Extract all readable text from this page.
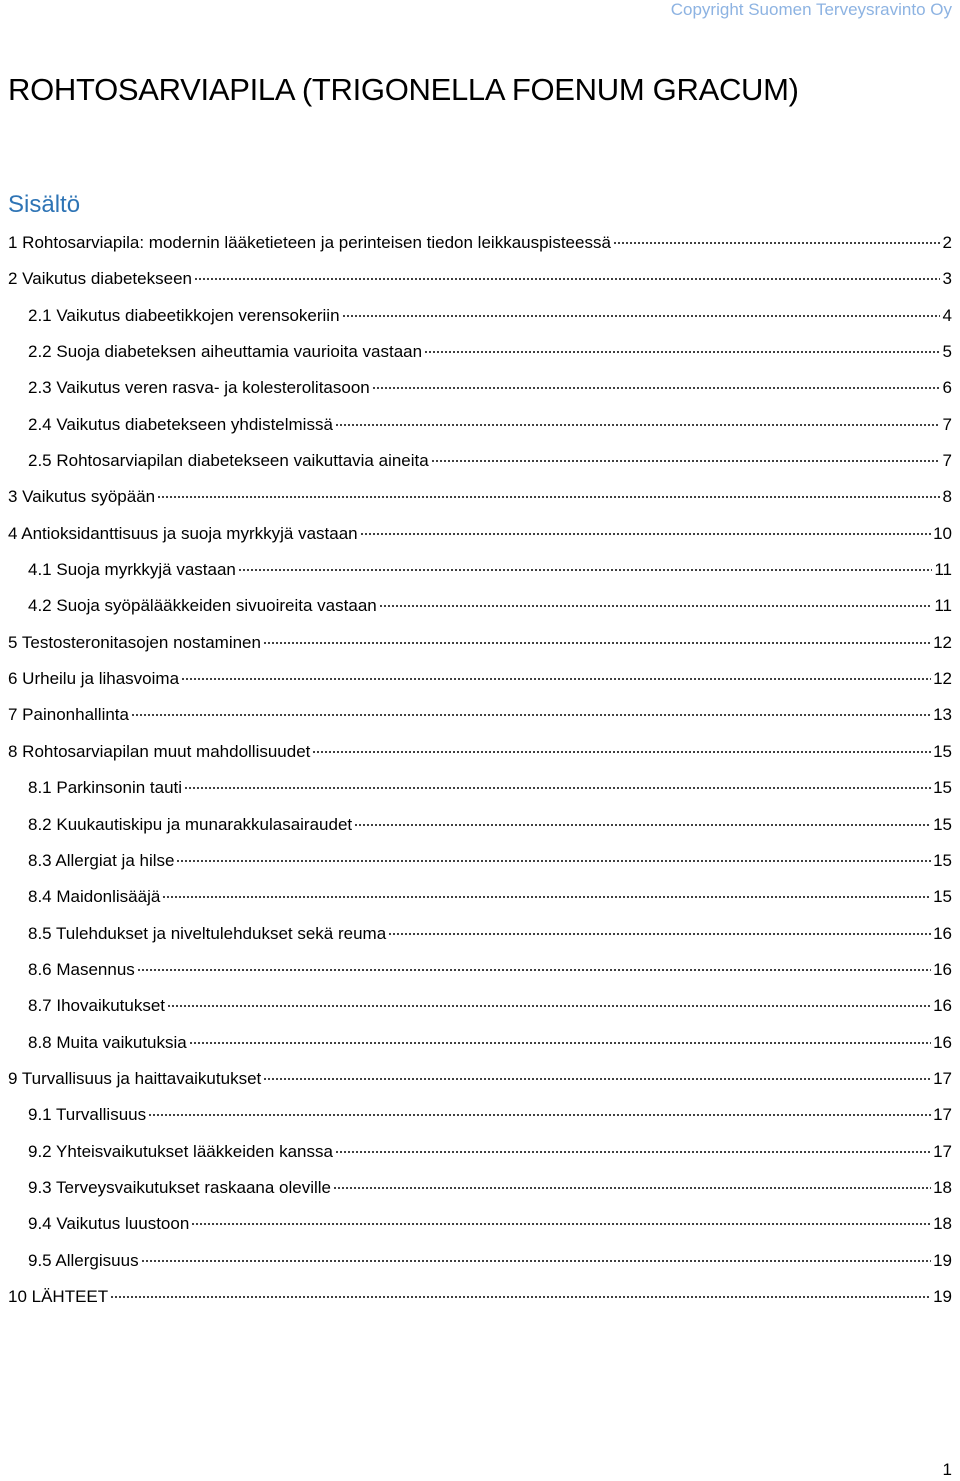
Copyright Suomen Terveysravinto Oy
ROHTOSARVIAPILA (TRIGONELLA FOENUM GRACUM)
Sisältö
1 Rohtosarviapila: modernin lääketieteen ja perinteisen tiedon leikkauspisteessä	2
2 Vaikutus diabetekseen	3
2.1 Vaikutus diabeetikkojen verensokeriin	4
2.2 Suoja diabeteksen aiheuttamia vaurioita vastaan	5
2.3 Vaikutus veren rasva- ja kolesterolitasoon	6
2.4 Vaikutus diabetekseen yhdistelmissä	7
2.5 Rohtosarviapilan diabetekseen vaikuttavia aineita	7
3 Vaikutus syöpään	8
4 Antioksidanttisuus ja suoja myrkkyjä vastaan	10
4.1 Suoja myrkkyjä vastaan	11
4.2 Suoja syöpälääkkeiden sivuoireita vastaan	11
5 Testosteronitasojen nostaminen	12
6 Urheilu ja lihasvoima	12
7 Painonhallinta	13
8 Rohtosarviapilan muut mahdollisuudet	15
8.1 Parkinsonin tauti	15
8.2 Kuukautiskipu ja munarakkulasairaudet	15
8.3 Allergiat ja hilse	15
8.4 Maidonlisääjä	15
8.5 Tulehdukset ja niveltulehdukset sekä reuma	16
8.6 Masennus	16
8.7 Ihovaikutukset	16
8.8 Muita vaikutuksia	16
9 Turvallisuus ja haittavaikutukset	17
9.1 Turvallisuus	17
9.2 Yhteisvaikutukset lääkkeiden kanssa	17
9.3 Terveysvaikutukset raskaana oleville	18
9.4 Vaikutus luustoon	18
9.5 Allergisuus	19
10 LÄHTEET	19
1
